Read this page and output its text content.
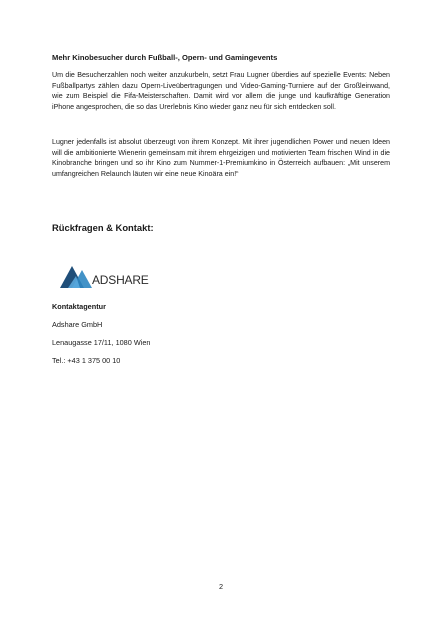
Mehr Kinobesucher durch Fußball-, Opern- und Gamingevents
Um die Besucherzahlen noch weiter anzukurbeln, setzt Frau Lugner überdies auf spezielle Events: Neben Fußballpartys zählen dazu Opern-Liveübertragungen und Video-Gaming-Turniere auf der Großleinwand, wie zum Beispiel die Fifa-Meisterschaften. Damit wird vor allem die junge und kaufkräftige Generation iPhone angesprochen, die so das Urerlebnis Kino wieder ganz neu für sich entdecken soll.
Lugner jedenfalls ist absolut überzeugt von ihrem Konzept. Mit ihrer jugendlichen Power und neuen Ideen will die ambitionierte Wienerin gemeinsam mit ihrem ehrgeizigen und motivierten Team frischen Wind in die Kinobranche bringen und so ihr Kino zum Nummer-1-Premiumkino in Österreich aufbauen: „Mit unserem umfangreichen Relaunch läuten wir eine neue Kinoära ein!“
Rückfragen & Kontakt:
ADSHARE
Kontaktagentur
Adshare GmbH
Lenaugasse 17/11, 1080 Wien
Tel.: +43 1 375 00 10
2
